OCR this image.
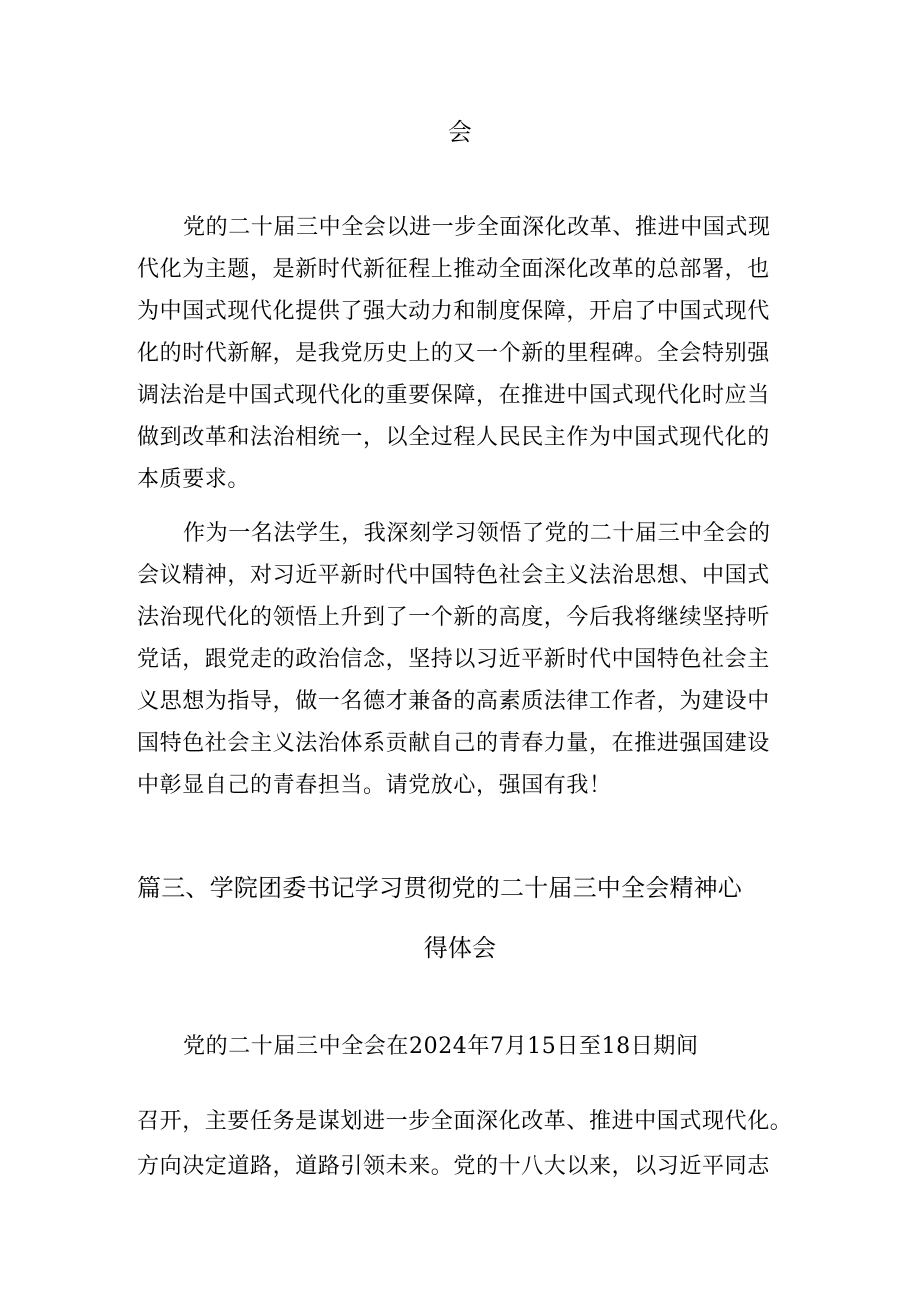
会
党的二十届三中全会以进一步全面深化改革、推进中国式现
代化为主题，是新时代新征程上推动全面深化改革的总部署，也
为中国式现代化提供了强大动力和制度保障，开启了中国式现代
化的时代新解，是我党历史上的又一个新的里程碑。全会特别强
调法治是中国式现代化的重要保障，在推进中国式现代化时应当
做到改革和法治相统一，以全过程人民民主作为中国式现代化的
本质要求。
作为一名法学生，我深刻学习领悟了党的二十届三中全会的
会议精神，对习近平新时代中国特色社会主义法治思想、中国式
法治现代化的领悟上升到了一个新的高度，今后我将继续坚持听
党话，跟党走的政治信念，坚持以习近平新时代中国特色社会主
义思想为指导，做一名德才兼备的高素质法律工作者，为建设中
国特色社会主义法治体系贡献自己的青春力量，在推进强国建设
中彰显自己的青春担当。请党放心，强国有我！
篇三、学院团委书记学习贯彻党的二十届三中全会精神心
得体会
党的二十届三中全会在2024年7月15日至18日期间
召开，主要任务是谋划进一步全面深化改革、推进中国式现代化。
方向决定道路，道路引领未来。党的十八大以来，以习近平同志
